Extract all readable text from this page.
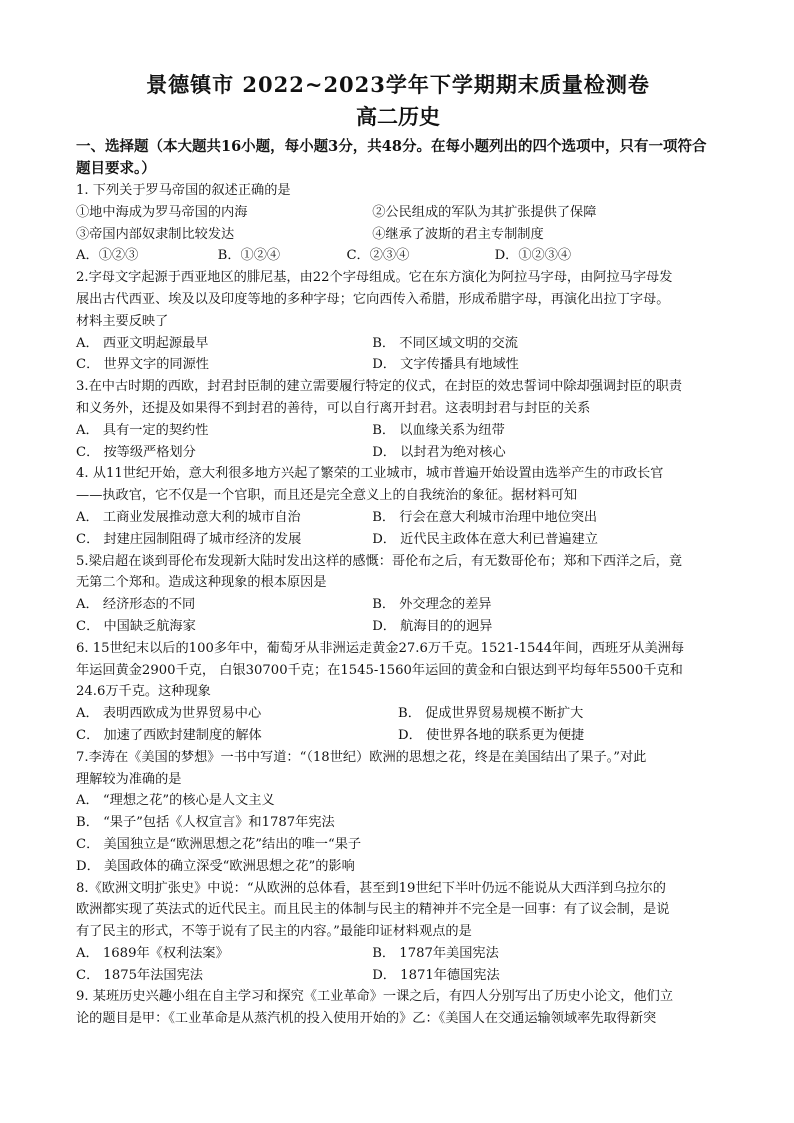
景德镇市 2022~2023学年下学期期末质量检测卷

高二历史

一、选择题（本大题共16小题，每小题3分，共48分。在每小题列出的四个选项中，只有一项符合题目要求。）

1. 下列关于罗马帝国的叙述正确的是

①地中海成为罗马帝国的内海	②公民组成的军队为其扩张提供了保障
③帝国内部奴隶制比较发达	④继承了波斯的君主专制制度
A．①②③	B．①②④	C．②③④	D．①②③④

2.字母文字起源于西亚地区的腓尼基，由22个字母组成。它在东方演化为阿拉马字母，由阿拉马字母发

展出古代西亚、埃及以及印度等地的多种字母；它向西传入希腊，形成希腊字母，再演化出拉丁字母。

材料主要反映了

A． 西亚文明起源最早	B． 不同区域文明的交流
C． 世界文字的同源性	D． 文字传播具有地域性

3.在中古时期的西欧，封君封臣制的建立需要履行特定的仪式，在封臣的效忠誓词中除却强调封臣的职责

和义务外，还提及如果得不到封君的善待，可以自行离开封君。这表明封君与封臣的关系

A． 具有一定的契约性	B． 以血缘关系为纽带
C． 按等级严格划分	D． 以封君为绝对核心

4. 从11世纪开始，意大利很多地方兴起了繁荣的工业城市，城市普遍开始设置由选举产生的市政长官

——执政官，它不仅是一个官职，而且还是完全意义上的自我统治的象征。据材料可知

A． 工商业发展推动意大利的城市自治	B． 行会在意大利城市治理中地位突出
C． 封建庄园制阻碍了城市经济的发展	D． 近代民主政体在意大利已普遍建立

5.梁启超在谈到哥伦布发现新大陆时发出这样的感慨：哥伦布之后，有无数哥伦布；郑和下西洋之后，竟

无第二个郑和。造成这种现象的根本原因是

A． 经济形态的不同	B． 外交理念的差异
C． 中国缺乏航海家	D． 航海目的的迥异

6. 15世纪末以后的100多年中，葡萄牙从非洲运走黄金27.6万千克。1521-1544年间，西班牙从美洲每

年运回黄金2900千克， 白银30700千克；在1545-1560年运回的黄金和白银达到平均每年5500千克和

24.6万千克。这种现象

A． 表明西欧成为世界贸易中心	B． 促成世界贸易规模不断扩大
C． 加速了西欧封建制度的解体	D． 使世界各地的联系更为便捷

7.李涛在《美国的梦想》一书中写道：“（18世纪）欧洲的思想之花，终是在美国结出了果子。”对此

理解较为准确的是

A． “理想之花”的核心是人文主义

B． “果子”包括《人权宣言》和1787年宪法

C． 美国独立是“欧洲思想之花”结出的唯一“果子

D． 美国政体的确立深受“欧洲思想之花”的影响

8.《欧洲文明扩张史》中说：“从欧洲的总体看，甚至到19世纪下半叶仍远不能说从大西洋到乌拉尔的

欧洲都实现了英法式的近代民主。而且民主的体制与民主的精神并不完全是一回事：有了议会制，是说

有了民主的形式，不等于说有了民主的内容。”最能印证材料观点的是

A． 1689年《权利法案》	B． 1787年美国宪法
C． 1875年法国宪法	D． 1871年德国宪法

9. 某班历史兴趣小组在自主学习和探究《工业革命》一课之后，有四人分别写出了历史小论文，他们立

论的题目是甲：《工业革命是从蒸汽机的投入使用开始的》乙：《美国人在交通运输领域率先取得新突
